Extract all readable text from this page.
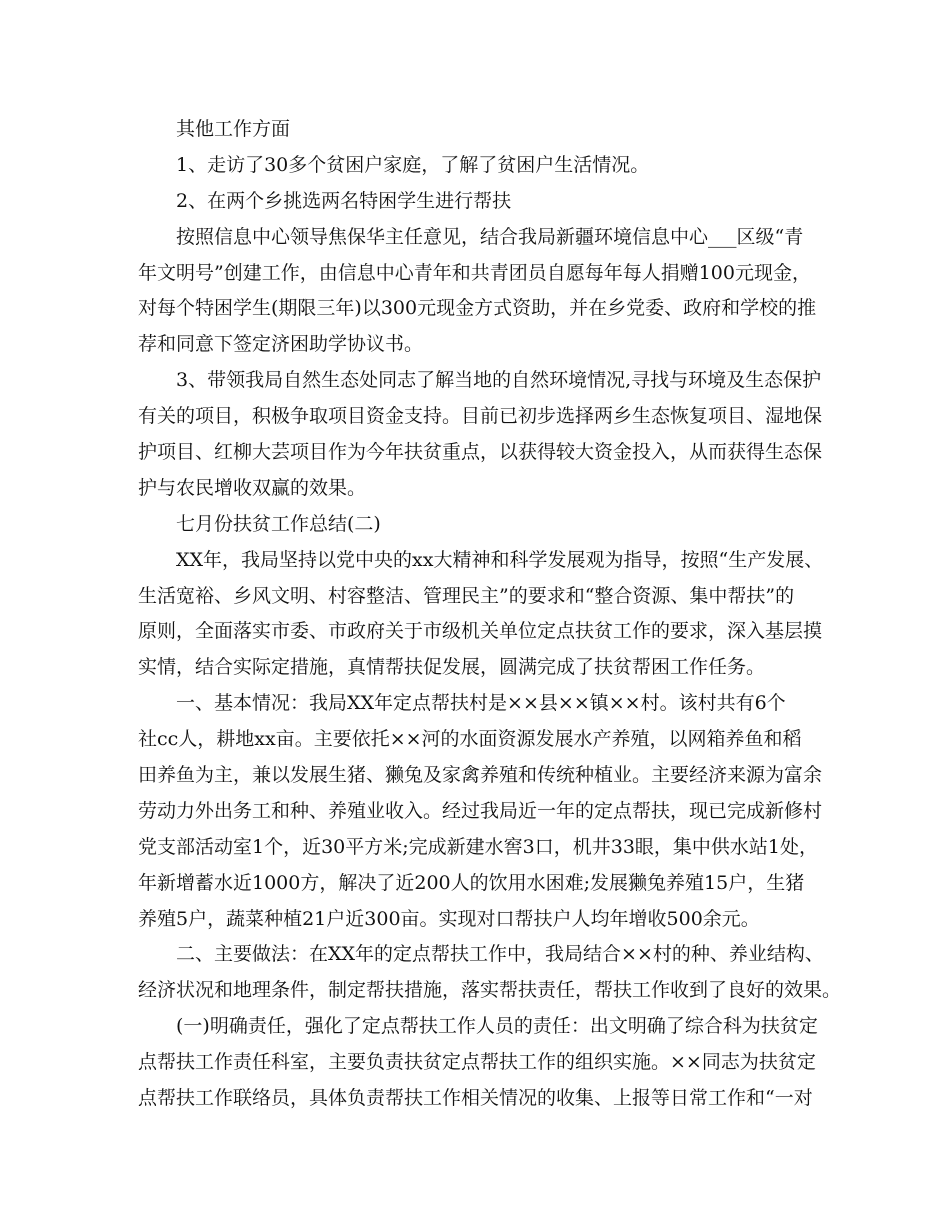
其他工作方面
1、走访了30多个贫困户家庭，了解了贫困户生活情况。
2、在两个乡挑选两名特困学生进行帮扶
按照信息中心领导焦保华主任意见，结合我局新疆环境信息中心___区级“青
年文明号”创建工作，由信息中心青年和共青团员自愿每年每人捐赠100元现金，
对每个特困学生(期限三年)以300元现金方式资助，并在乡党委、政府和学校的推
荐和同意下签定济困助学协议书。
3、带领我局自然生态处同志了解当地的自然环境情况,寻找与环境及生态保护
有关的项目，积极争取项目资金支持。目前已初步选择两乡生态恢复项目、湿地保
护项目、红柳大芸项目作为今年扶贫重点，以获得较大资金投入，从而获得生态保
护与农民增收双赢的效果。
七月份扶贫工作总结(二)
XX年，我局坚持以党中央的xx大精神和科学发展观为指导，按照“生产发展、
生活宽裕、乡风文明、村容整洁、管理民主”的要求和“整合资源、集中帮扶”的
原则，全面落实市委、市政府关于市级机关单位定点扶贫工作的要求，深入基层摸
实情，结合实际定措施，真情帮扶促发展，圆满完成了扶贫帮困工作任务。
一、基本情况：我局XX年定点帮扶村是××县××镇××村。该村共有6个
社cc人，耕地xx亩。主要依托××河的水面资源发展水产养殖，以网箱养鱼和稻
田养鱼为主，兼以发展生猪、獭兔及家禽养殖和传统种植业。主要经济来源为富余
劳动力外出务工和种、养殖业收入。经过我局近一年的定点帮扶，现已完成新修村
党支部活动室1个，近30平方米;完成新建水窖3口，机井33眼，集中供水站1处，
年新增蓄水近1000方，解决了近200人的饮用水困难;发展獭兔养殖15户，生猪
养殖5户，蔬菜种植21户近300亩。实现对口帮扶户人均年增收500余元。
二、主要做法：在XX年的定点帮扶工作中，我局结合××村的种、养业结构、
经济状况和地理条件，制定帮扶措施，落实帮扶责任，帮扶工作收到了良好的效果。
(一)明确责任，强化了定点帮扶工作人员的责任：出文明确了综合科为扶贫定
点帮扶工作责任科室，主要负责扶贫定点帮扶工作的组织实施。××同志为扶贫定
点帮扶工作联络员，具体负责帮扶工作相关情况的收集、上报等日常工作和“一对
